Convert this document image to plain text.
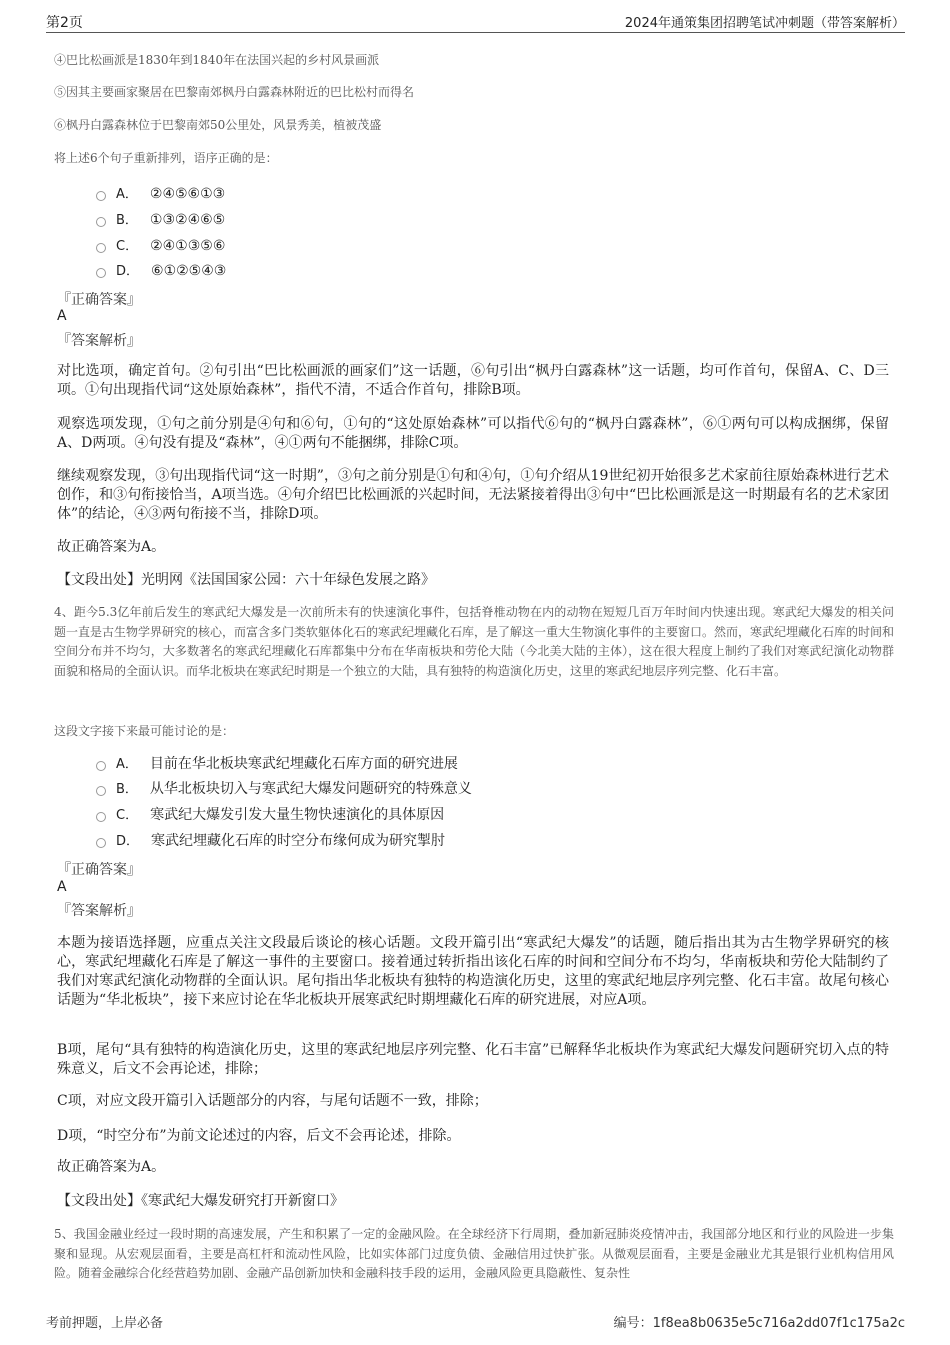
第2页	2024年通策集团招聘笔试冲刺题（带答案解析）
④巴比松画派是1830年到1840年在法国兴起的乡村风景画派
⑤因其主要画家聚居在巴黎南郊枫丹白露森林附近的巴比松村而得名
⑥枫丹白露森林位于巴黎南郊50公里处，风景秀美，植被茂盛
将上述6个句子重新排列，语序正确的是：
A． ②④⑤⑥①③
B． ①③②④⑥⑤
C． ②④①③⑤⑥
D． ⑥①②⑤④③
『正确答案』
A
『答案解析』
对比选项，确定首句。②句引出“巴比松画派的画家们”这一话题，⑥句引出“枫丹白露森林”这一话题，均可作首句，保留A、C、D三项。①句出现指代词“这处原始森林”，指代不清，不适合作首句，排除B项。
观察选项发现，①句之前分别是④句和⑥句，①句的“这处原始森林”可以指代⑥句的“枫丹白露森林”，⑥①两句可以构成捆绑，保留A、D两项。④句没有提及“森林”，④①两句不能捆绑，排除C项。
继续观察发现，③句出现指代词“这一时期”，③句之前分别是①句和④句，①句介绍从19世纪初开始很多艺术家前往原始森林进行艺术创作，和③句衔接恰当，A项当选。④句介绍巴比松画派的兴起时间，无法紧接着得出③句中“巴比松画派是这一时期最有名的艺术家团体”的结论，④③两句衔接不当，排除D项。
故正确答案为A。
【文段出处】光明网《法国国家公园：六十年绿色发展之路》
4、距今5.3亿年前后发生的寒武纪大爆发是一次前所未有的快速演化事件，包括脊椎动物在内的动物在短短几百万年时间内快速出现。寒武纪大爆发的相关问题一直是古生物学界研究的核心，而富含多门类软躯体化石的寒武纪埋藏化石库，是了解这一重大生物演化事件的主要窗口。然而，寒武纪埋藏化石库的时间和空间分布并不均匀，大多数著名的寒武纪埋藏化石库都集中分布在华南板块和劳伦大陆（今北美大陆的主体），这在很大程度上制约了我们对寒武纪演化动物群面貌和格局的全面认识。而华北板块在寒武纪时期是一个独立的大陆，具有独特的构造演化历史，这里的寒武纪地层序列完整、化石丰富。
这段文字接下来最可能讨论的是：
A． 目前在华北板块寒武纪埋藏化石库方面的研究进展
B． 从华北板块切入与寒武纪大爆发问题研究的特殊意义
C． 寒武纪大爆发引发大量生物快速演化的具体原因
D． 寒武纪埋藏化石库的时空分布缘何成为研究掣肘
『正确答案』
A
『答案解析』
本题为接语选择题，应重点关注文段最后谈论的核心话题。文段开篇引出“寒武纪大爆发”的话题，随后指出其为古生物学界研究的核心，寒武纪埋藏化石库是了解这一事件的主要窗口。接着通过转折指出该化石库的时间和空间分布不均匀，华南板块和劳伦大陆制约了我们对寒武纪演化动物群的全面认识。尾句指出华北板块有独特的构造演化历史，这里的寒武纪地层序列完整、化石丰富。故尾句核心话题为“华北板块”，接下来应讨论在华北板块开展寒武纪时期埋藏化石库的研究进展，对应A项。
B项，尾句“具有独特的构造演化历史，这里的寒武纪地层序列完整、化石丰富”已解释华北板块作为寒武纪大爆发问题研究切入点的特殊意义，后文不会再论述，排除；
C项，对应文段开篇引入话题部分的内容，与尾句话题不一致，排除；
D项，“时空分布”为前文论述过的内容，后文不会再论述，排除。
故正确答案为A。
【文段出处】《寒武纪大爆发研究打开新窗口》
5、我国金融业经过一段时期的高速发展，产生和积累了一定的金融风险。在全球经济下行周期，叠加新冠肺炎疫情冲击，我国部分地区和行业的风险进一步集聚和显现。从宏观层面看，主要是高杠杆和流动性风险，比如实体部门过度负债、金融信用过快扩张。从微观层面看，主要是金融业尤其是银行业机构信用风险。随着金融综合化经营趋势加剧、金融产品创新加快和金融科技手段的运用，金融风险更具隐蔽性、复杂性
考前押题，上岸必备	编号：1f8ea8b0635e5c716a2dd07f1c175a2c
